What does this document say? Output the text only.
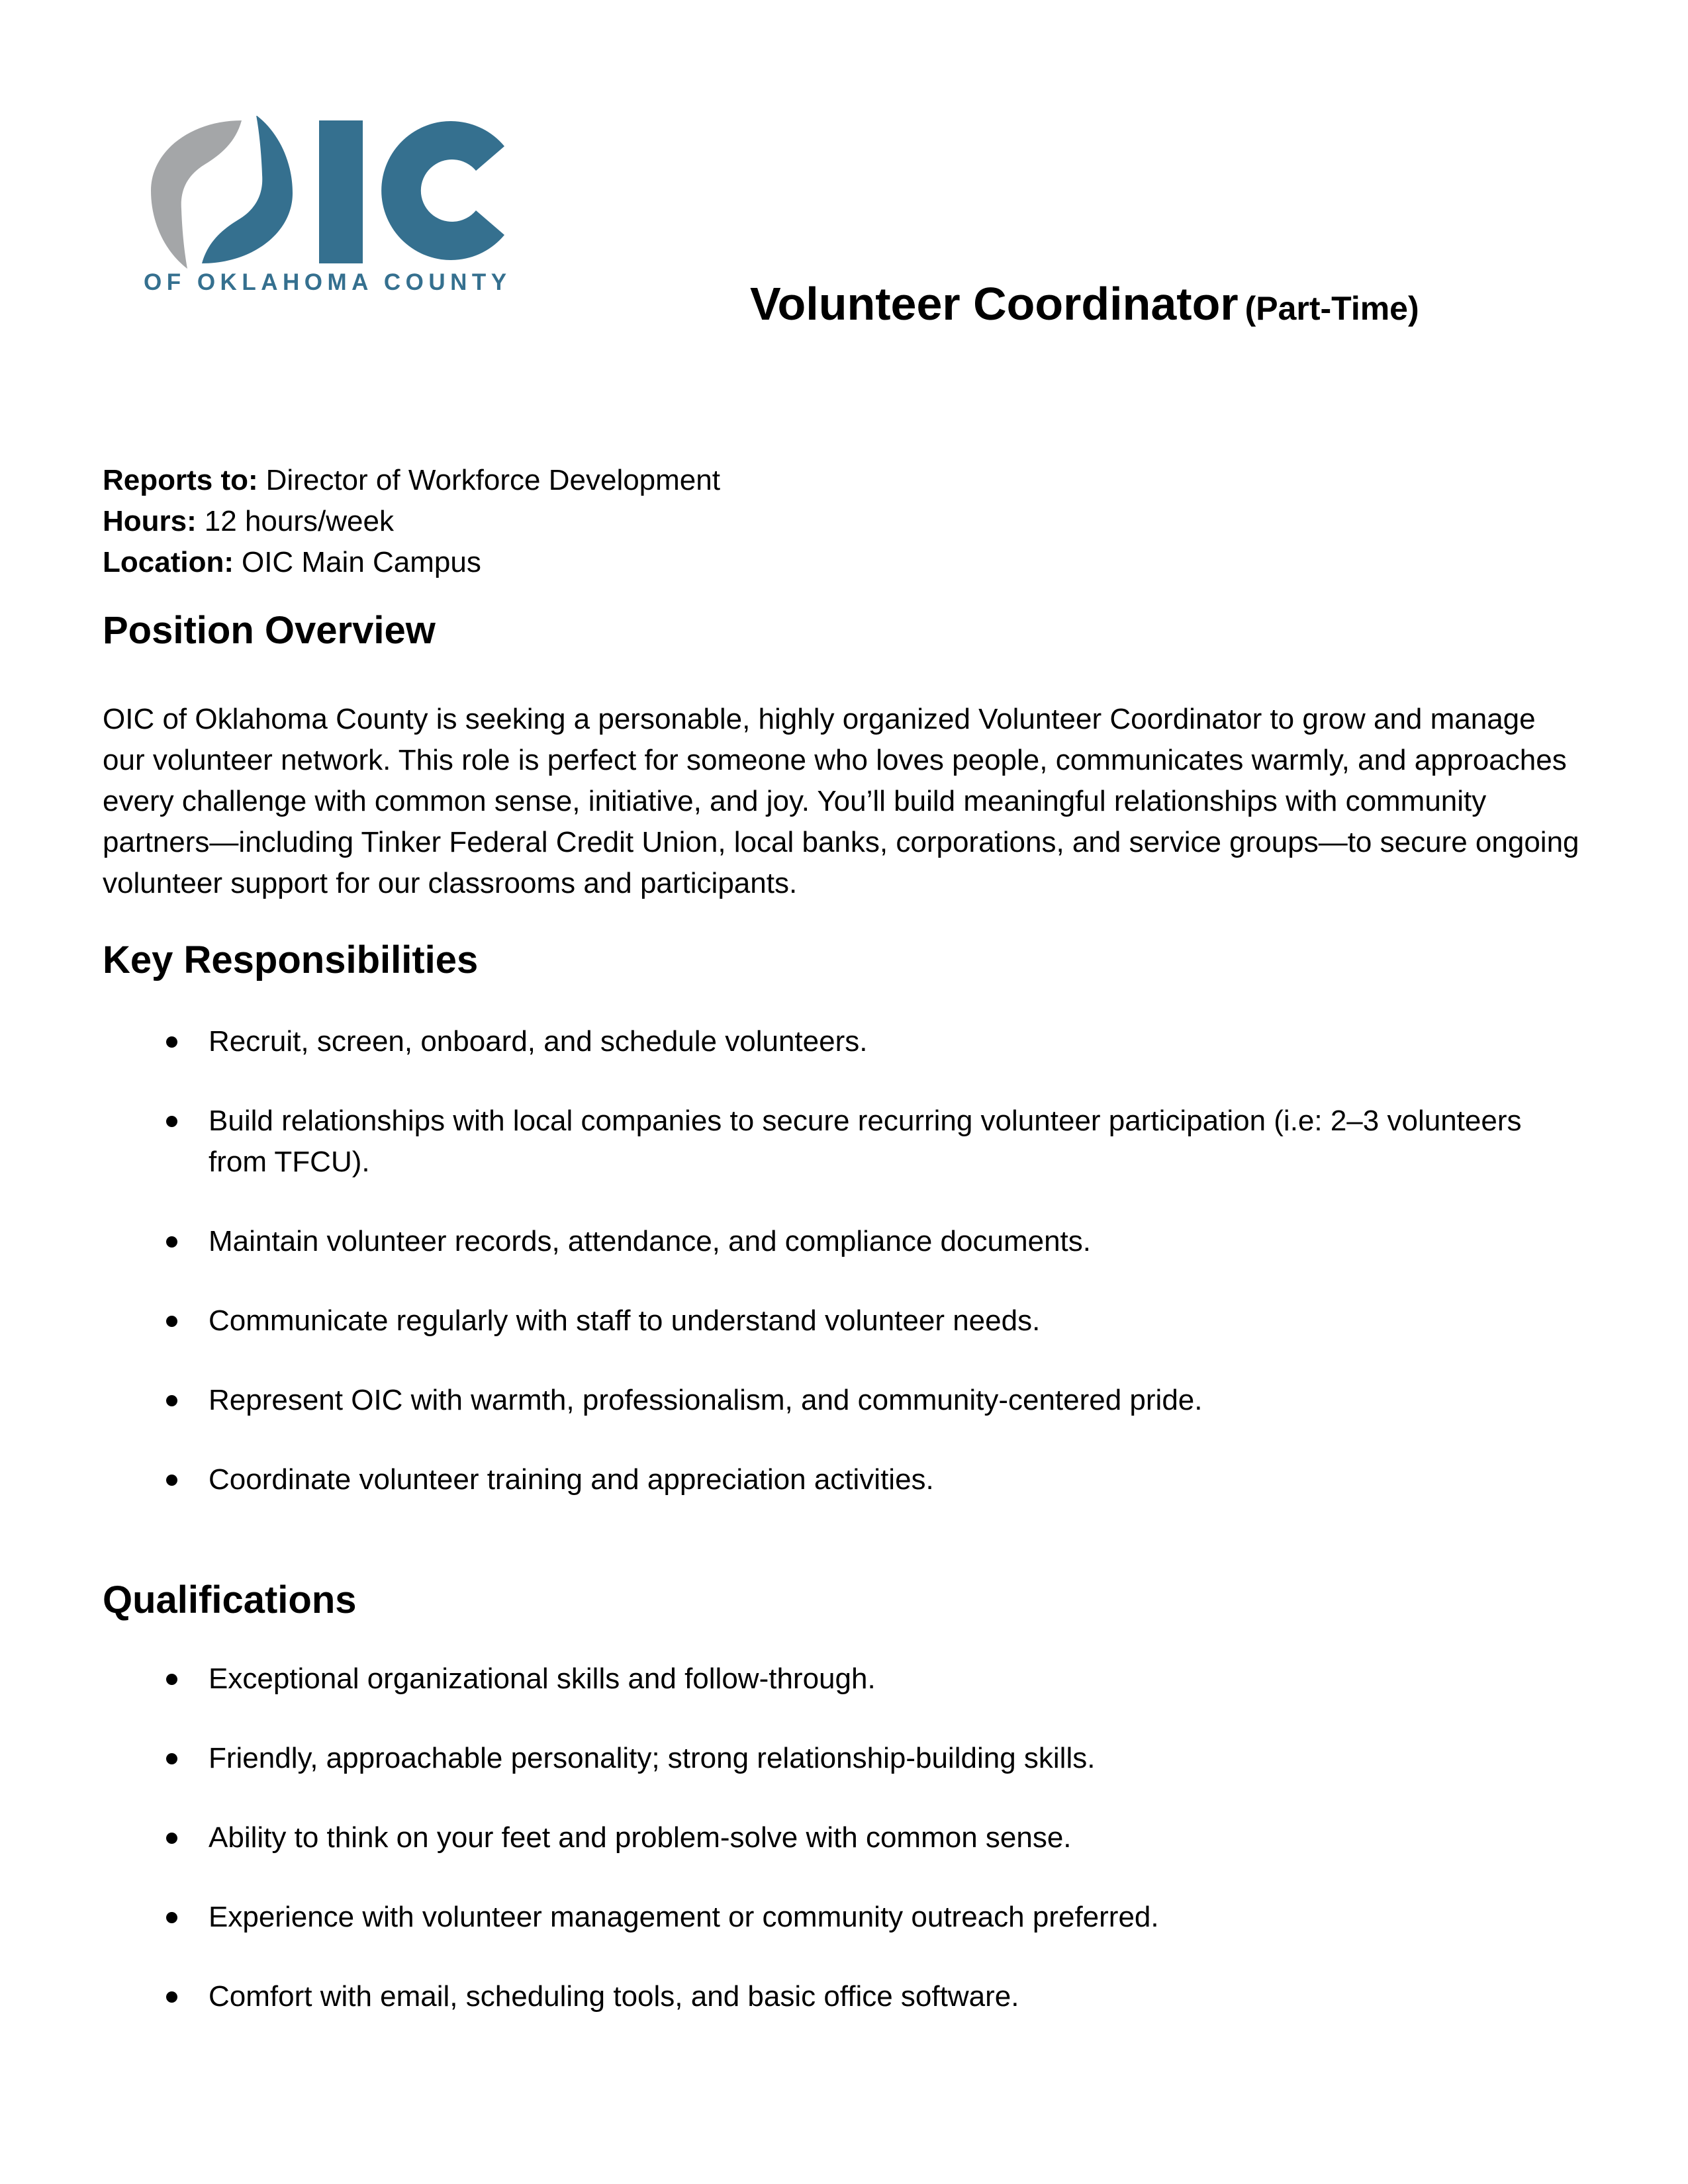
OF OKLAHOMA COUNTY	Volunteer Coordinator (Part-Time)
Reports to: Director of Workforce Development
Hours: 12 hours/week
Location: OIC Main Campus
Position Overview

OIC of Oklahoma County is seeking a personable, highly organized Volunteer Coordinator to grow and manage our volunteer network. This role is perfect for someone who loves people, communicates warmly, and approaches every challenge with common sense, initiative, and joy. You’ll build meaningful relationships with community partners—including Tinker Federal Credit Union, local banks, corporations, and service groups—to secure ongoing volunteer support for our classrooms and participants.

Key Responsibilities
Recruit, screen, onboard, and schedule volunteers.
Build relationships with local companies to secure recurring volunteer participation (i.e: 2–3 volunteers from TFCU).
Maintain volunteer records, attendance, and compliance documents.
Communicate regularly with staff to understand volunteer needs.
Represent OIC with warmth, professionalism, and community-centered pride.
Coordinate volunteer training and appreciation activities.
Qualifications
Exceptional organizational skills and follow-through.
Friendly, approachable personality; strong relationship-building skills.
Ability to think on your feet and problem-solve with common sense.
Experience with volunteer management or community outreach preferred.
Comfort with email, scheduling tools, and basic office software.
